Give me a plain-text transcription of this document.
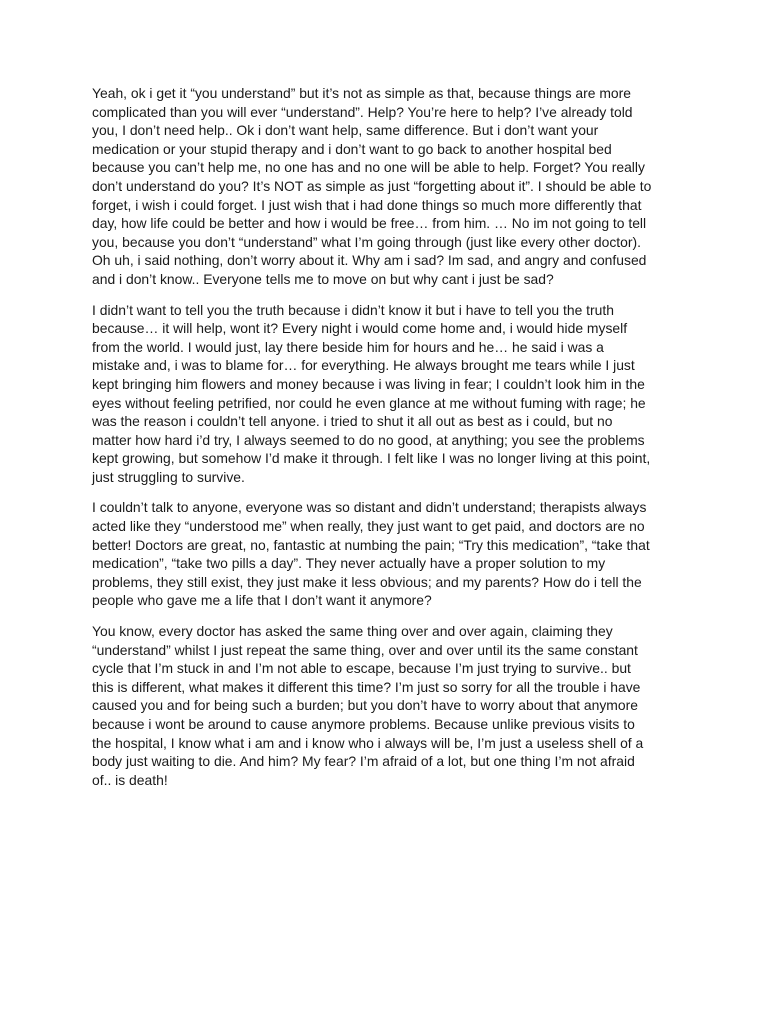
Yeah, ok i get it “you understand” but it’s not as simple as that, because things are more complicated than you will ever “understand”. Help? You’re here to help? I’ve already told you, I don’t need help.. Ok i don’t want help, same difference. But i don’t want your medication or your stupid therapy and i don’t want to go back to another hospital bed because you can’t help me, no one has and no one will be able to help. Forget? You really don’t understand do you? It’s NOT as simple as just “forgetting about it”. I should be able to forget, i wish i could forget. I just wish that i had done things so much more differently that day, how life could be better and how i would be free… from him. … No im not going to tell you, because you don’t “understand” what I’m going through (just like every other doctor). Oh uh, i said nothing, don’t worry about it. Why am i sad? Im sad, and angry and confused and i don’t know.. Everyone tells me to move on but why cant i just be sad?

I didn’t want to tell you the truth because i didn’t know it but i have to tell you the truth because… it will help, wont it? Every night i would come home and, i would hide myself from the world. I would just, lay there beside him for hours and he… he said i was a mistake and, i was to blame for… for everything. He always brought me tears while I just kept bringing him flowers and money because i was living in fear; I couldn’t look him in the eyes without feeling petrified, nor could he even glance at me without fuming with rage; he was the reason i couldn’t tell anyone. i tried to shut it all out as best as i could, but no matter how hard i’d try, I always seemed to do no good, at anything; you see the problems kept growing, but somehow I’d make it through. I felt like I was no longer living at this point, just struggling to survive.

I couldn’t talk to anyone, everyone was so distant and didn’t understand; therapists always acted like they “understood me” when really, they just want to get paid, and doctors are no better! Doctors are great, no, fantastic at numbing the pain; “Try this medication”, “take that medication”, “take two pills a day”. They never actually have a proper solution to my problems, they still exist, they just make it less obvious; and my parents? How do i tell the people who gave me a life that I don’t want it anymore?

You know, every doctor has asked the same thing over and over again, claiming they “understand” whilst I just repeat the same thing, over and over until its the same constant cycle that I’m stuck in and I’m not able to escape, because I’m just trying to survive.. but this is different, what makes it different this time? I’m just so sorry for all the trouble i have caused you and for being such a burden; but you don’t have to worry about that anymore because i wont be around to cause anymore problems. Because unlike previous visits to the hospital, I know what i am and i know who i always will be, I’m just a useless shell of a body just waiting to die. And him? My fear? I’m afraid of a lot, but one thing I’m not afraid of.. is death!
